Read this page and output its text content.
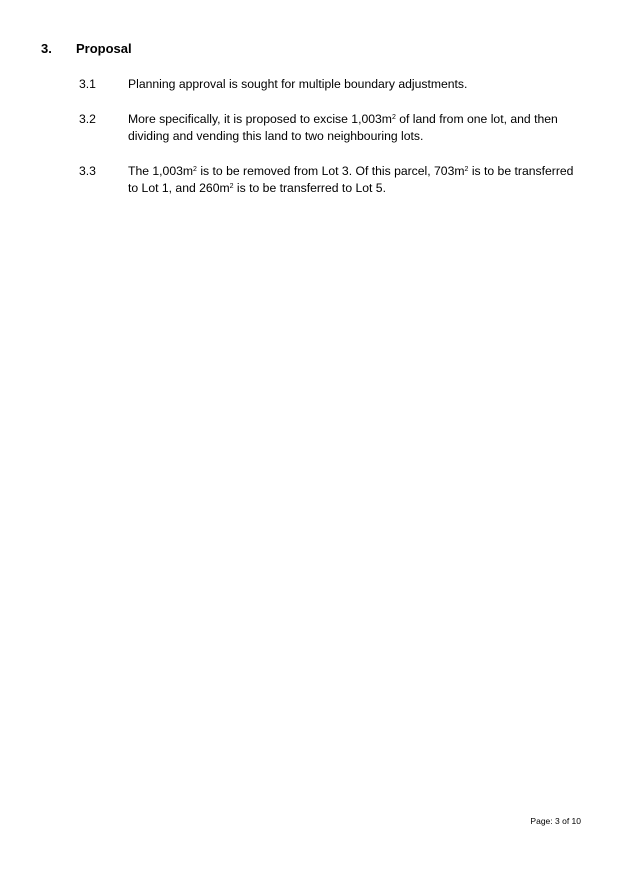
3.	Proposal
3.1	Planning approval is sought for multiple boundary adjustments.
3.2	More specifically, it is proposed to excise $1,003m^2$ of land from one lot, and then dividing and vending this land to two neighbouring lots.
3.3	The $1,003m^2$ is to be removed from Lot 3. Of this parcel, $703m^2$ is to be transferred to Lot 1, and $260m^2$ is to be transferred to Lot 5.
Page: 3 of 10
